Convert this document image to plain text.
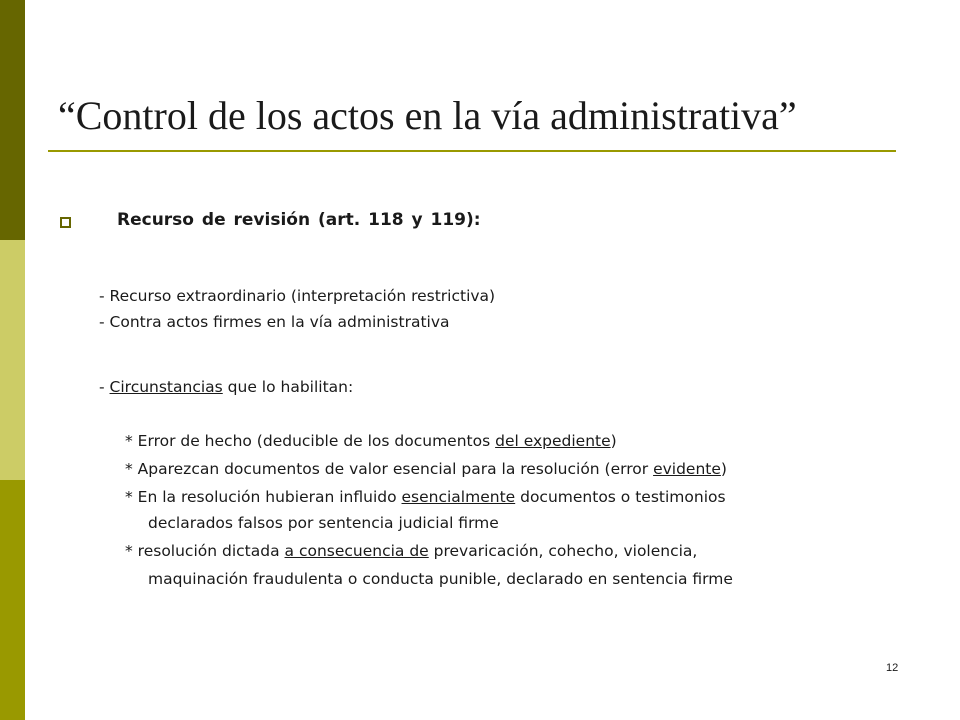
“Control de los actos en la vía administrativa”
Recurso de revisión (art. 118 y 119):
- Recurso extraordinario (interpretación restrictiva)
- Contra actos firmes en la vía administrativa
- Circunstancias que lo habilitan:
* Error de hecho (deducible de los documentos del expediente)
* Aparezcan documentos de valor esencial para la resolución (error evidente)
* En la resolución hubieran influido esencialmente documentos o testimonios
declarados falsos por sentencia judicial firme
* resolución dictada a consecuencia de prevaricación, cohecho, violencia,
maquinación fraudulenta o conducta punible, declarado en sentencia firme
12
